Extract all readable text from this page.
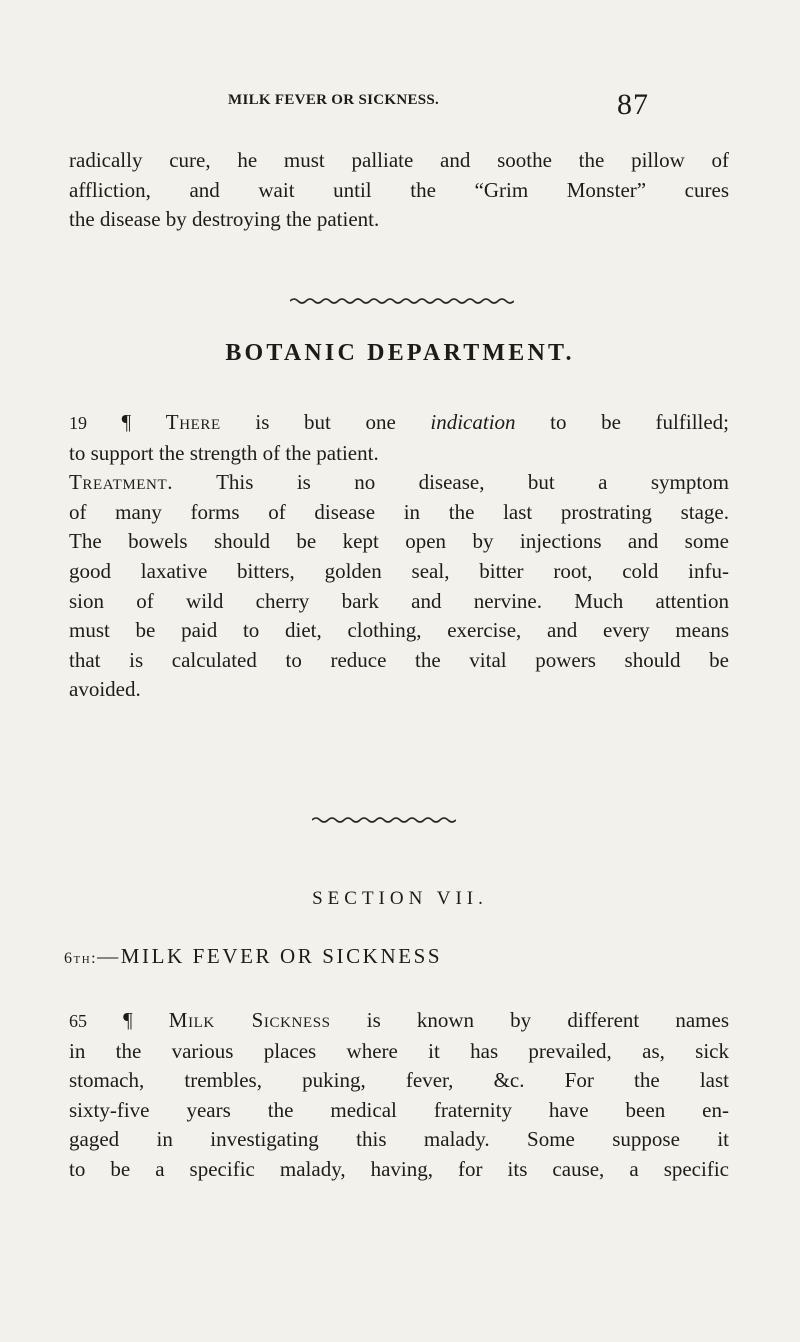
MILK FEVER OR SICKNESS.	87

radically cure, he must palliate and soothe the pillow of
affliction, and wait until the “Grim Monster” cures
the disease by destroying the patient.

BOTANIC DEPARTMENT.

19 ¶ There is but one indication to be fulfilled;
to support the strength of the patient.
Treatment. This is no disease, but a symptom
of many forms of disease in the last prostrating stage.
The bowels should be kept open by injections and some
good laxative bitters, golden seal, bitter root, cold infu-
sion of wild cherry bark and nervine. Much attention
must be paid to diet, clothing, exercise, and every means
that is calculated to reduce the vital powers should be
avoided.

SECTION VII.

6th:—MILK FEVER OR SICKNESS

65 ¶ Milk Sickness is known by different names
in the various places where it has prevailed, as, sick
stomach, trembles, puking, fever, &c. For the last
sixty-five years the medical fraternity have been en-
gaged in investigating this malady. Some suppose it
to be a specific malady, having, for its cause, a specific
